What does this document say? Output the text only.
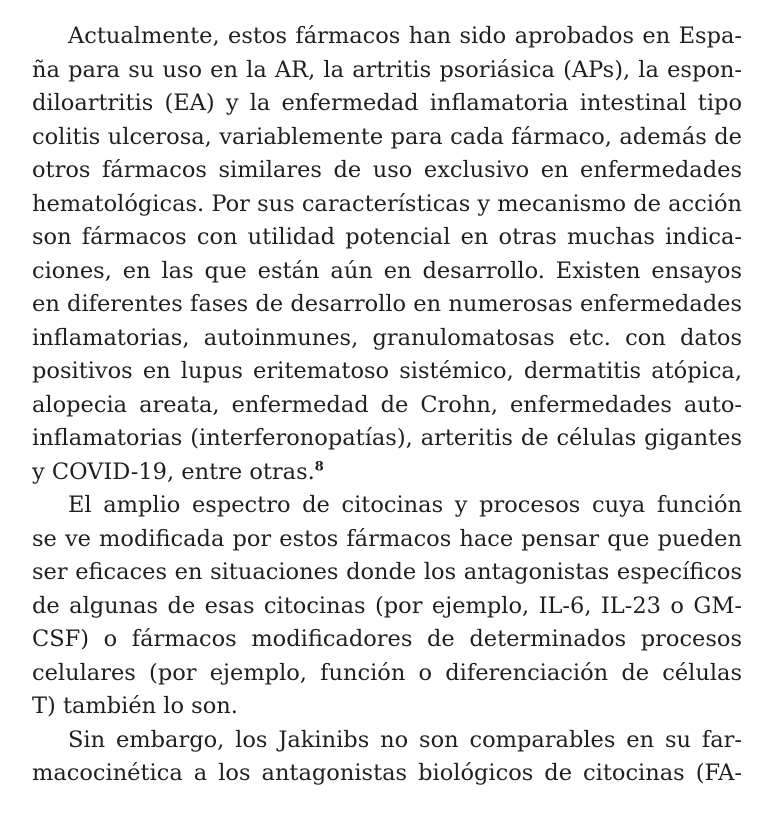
Actualmente, estos fármacos han sido aprobados en Espa-
ña para su uso en la AR, la artritis psoriásica (APs), la espon-
diloartritis (EA) y la enfermedad inflamatoria intestinal tipo
colitis ulcerosa, variablemente para cada fármaco, además de
otros fármacos similares de uso exclusivo en enfermedades
hematológicas. Por sus características y mecanismo de acción
son fármacos con utilidad potencial en otras muchas indica-
ciones, en las que están aún en desarrollo. Existen ensayos
en diferentes fases de desarrollo en numerosas enfermedades
inflamatorias, autoinmunes, granulomatosas etc. con datos
positivos en lupus eritematoso sistémico, dermatitis atópica,
alopecia areata, enfermedad de Crohn, enfermedades auto-
inflamatorias (interferonopatías), arteritis de células gigantes
y COVID-19, entre otras.$^8$
El amplio espectro de citocinas y procesos cuya función
se ve modificada por estos fármacos hace pensar que pueden
ser eficaces en situaciones donde los antagonistas específicos
de algunas de esas citocinas (por ejemplo, IL-6, IL-23 o GM-
CSF) o fármacos modificadores de determinados procesos
celulares (por ejemplo, función o diferenciación de células
T) también lo son.
Sin embargo, los Jakinibs no son comparables en su far-
macocinética a los antagonistas biológicos de citocinas (FA-
